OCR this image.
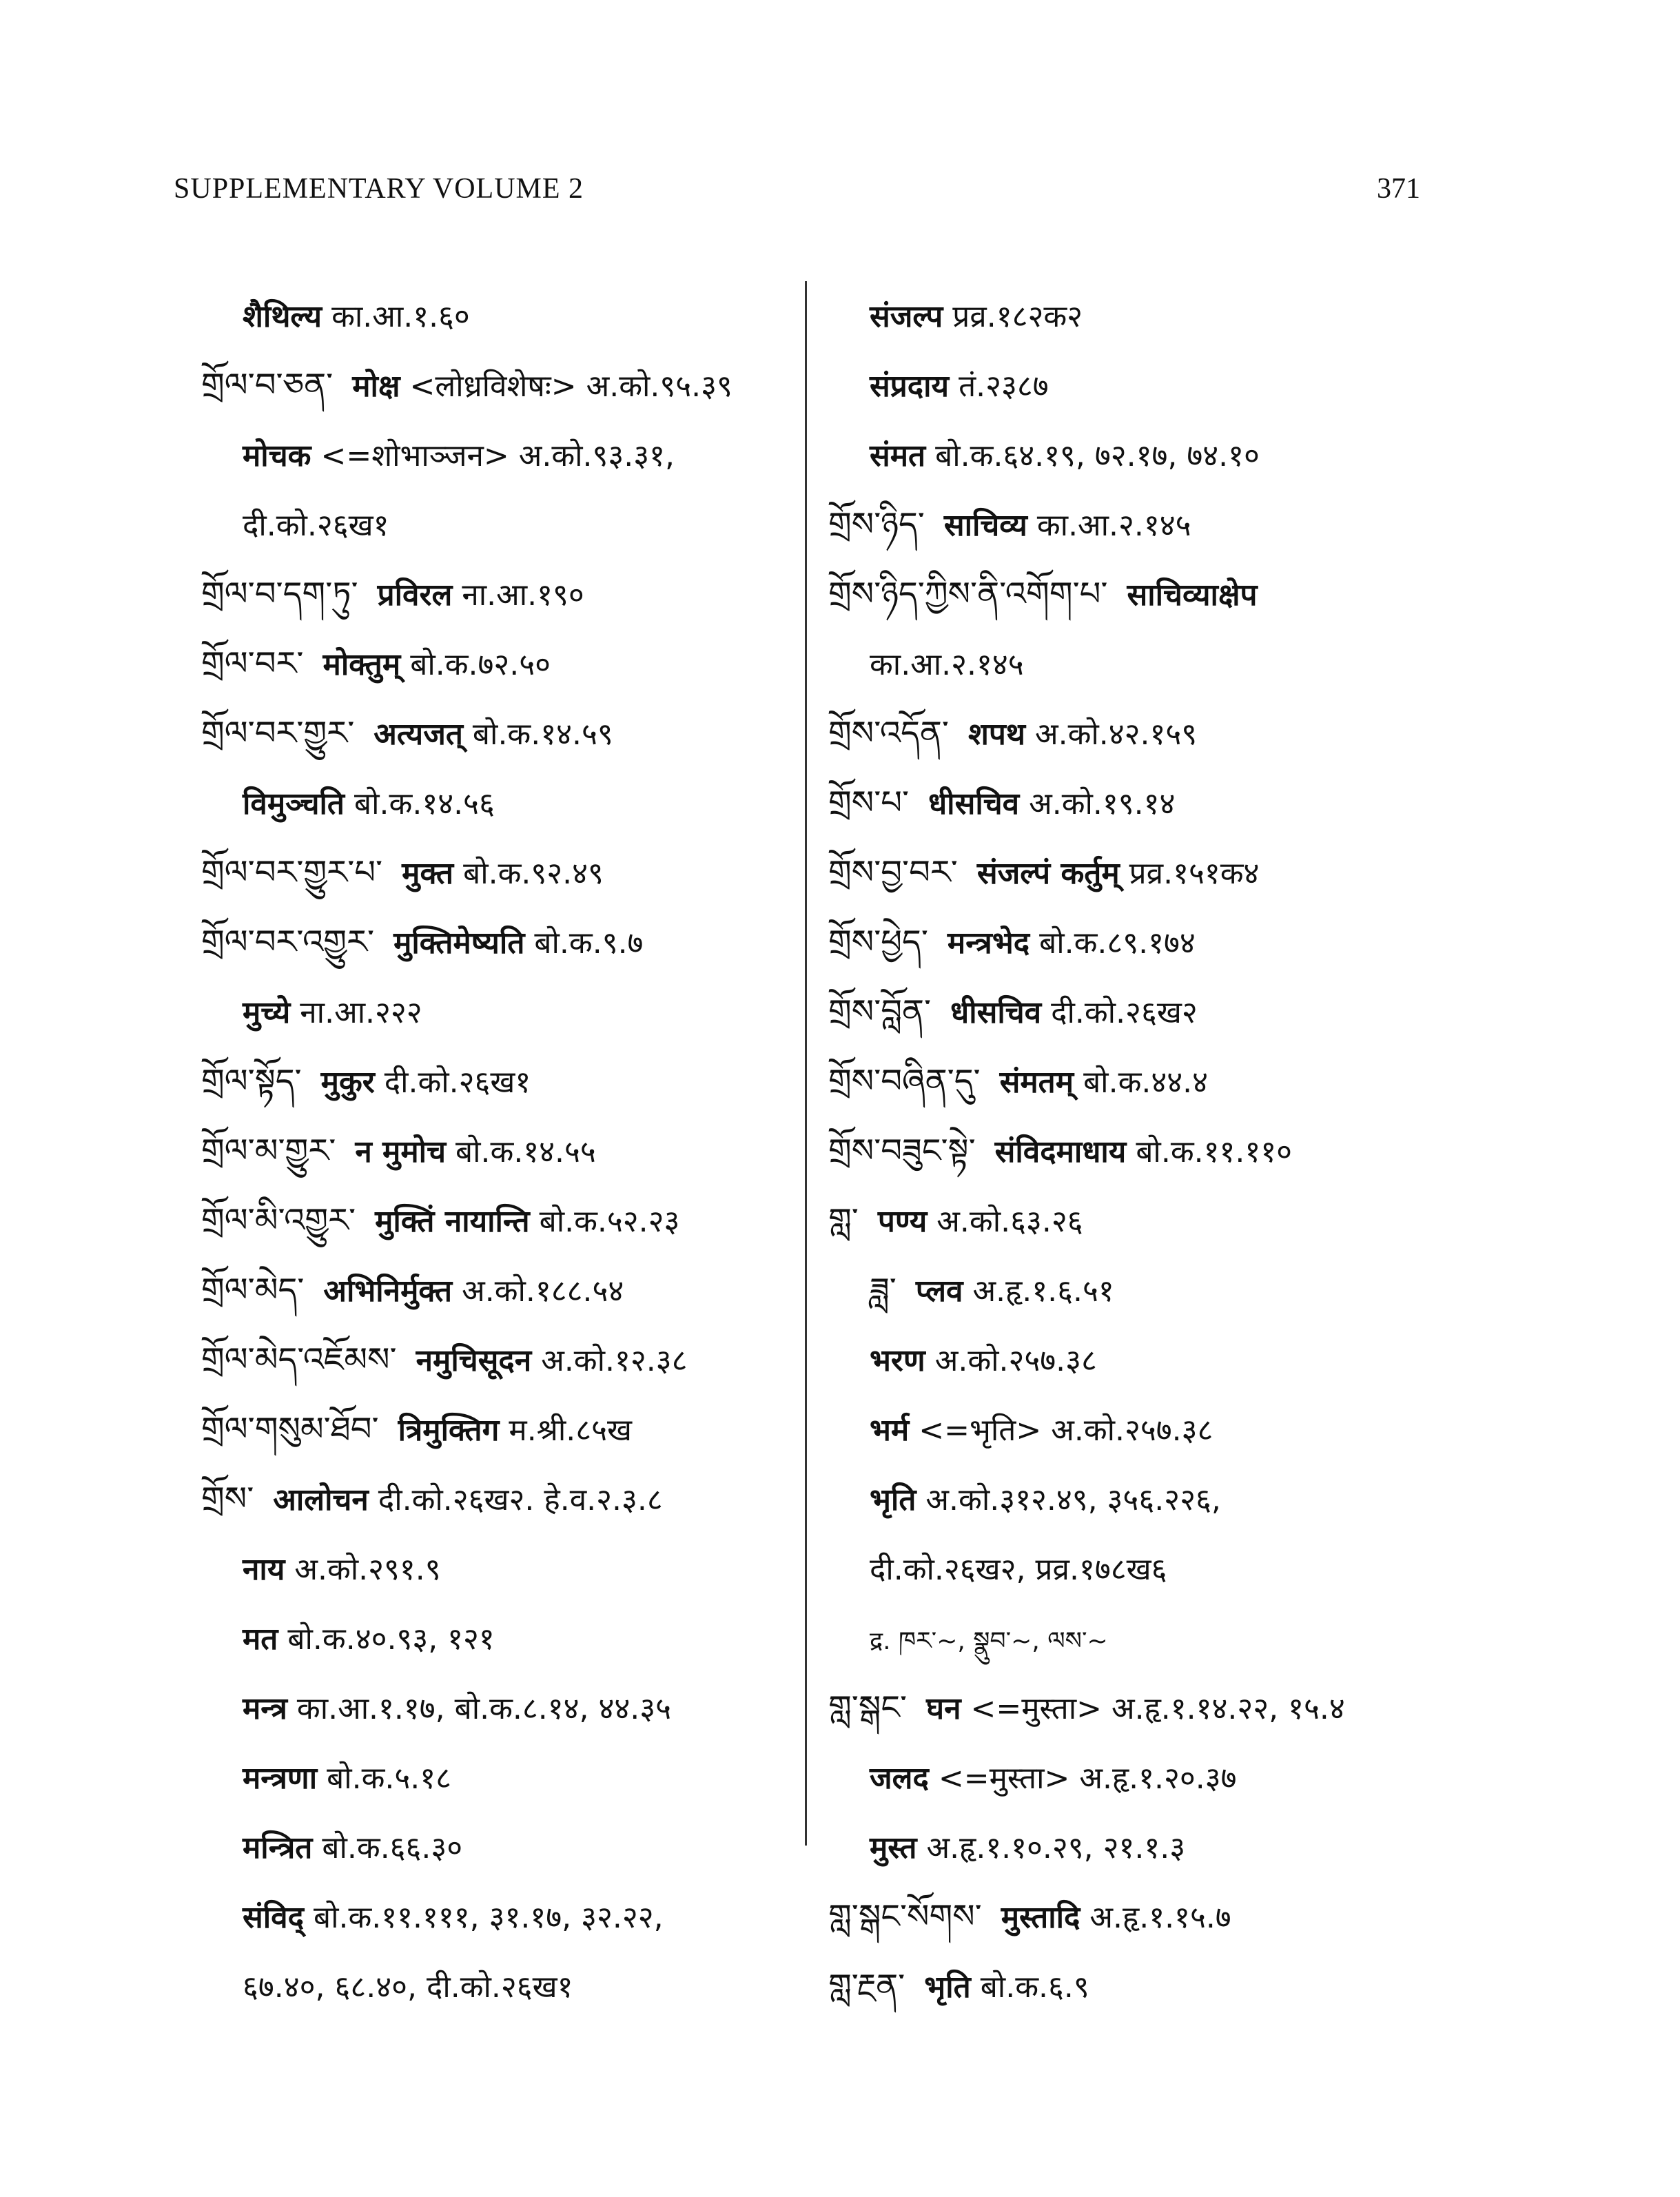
SUPPLEMENTARY VOLUME 2	371
शैथिल्य का.आ.१.६०
གྲོལ་བ་ཅན་ मोक्ष <लोध्रविशेषः> अ.को.९५.३९
मोचक <=शोभाञ्जन> अ.को.९३.३१,
दी.को.२६ख१
གྲོལ་བ་དག་ཏུ་ प्रविरल ना.आ.१९०
གྲོལ་བར་ मोक्तुम् बो.क.७२.५०
གྲོལ་བར་གྱུར་ अत्यजत् बो.क.१४.५९
विमुञ्चति बो.क.१४.५६
གྲོལ་བར་གྱུར་པ་ मुक्त बो.क.९२.४९
གྲོལ་བར་འགྱུར་ मुक्तिमेष्यति बो.क.९.७
मुच्ये ना.आ.२२२
གྲོལ་སྟོད་ मुकुर दी.को.२६ख१
གྲོལ་མ་གྱུར་ न मुमोच बो.क.१४.५५
གྲོལ་མི་འགྱུར་ मुक्तिं नायान्ति बो.क.५२.२३
གྲོལ་མེད་ अभिनिर्मुक्त अ.को.१८८.५४
གྲོལ་མེད་འཇོམས་ नमुचिसूदन अ.को.१२.३८
གྲོལ་གསུམ་ཐོབ་ त्रिमुक्तिग म.श्री.८५ख
གྲོས་ आलोचन दी.को.२६ख२. हे.व.२.३.८
नाय अ.को.२९१.९
मत बो.क.४०.९३, १२१
मन्त्र का.आ.१.१७, बो.क.८.१४, ४४.३५
मन्त्रणा बो.क.५.१८
मन्त्रित बो.क.६६.३०
संविद् बो.क.११.१११, ३१.१७, ३२.२२,
६७.४०, ६८.४०, दी.को.२६ख१
संजल्प प्रव्र.१८२क२
संप्रदाय तं.२३८७
संमत बो.क.६४.१९, ७२.१७, ७४.१०
གྲོས་ཉིད་ साचिव्य का.आ.२.१४५
གྲོས་ཉིད་ཀྱིས་ནི་འགོག་པ་ साचिव्याक्षेप
का.आ.२.१४५
གྲོས་འདོན་ शपथ अ.को.४२.१५९
གྲོས་པ་ धीसचिव अ.को.१९.१४
གྲོས་བྱ་བར་ संजल्पं कर्तुम् प्रव्र.१५१क४
གྲོས་ཕྱེད་ मन्त्रभेद बो.क.८९.१७४
གྲོས་བློན་ धीसचिव दी.को.२६ख२
གྲོས་བཞིན་དུ་ संमतम् बो.क.४४.४
གྲོས་བཟུང་སྟེ་ संविदमाधाय बो.क.११.११०
གླ་ पण्य अ.को.६३.२६
ཟླ་ प्लव अ.हृ.१.६.५१
भरण अ.को.२५७.३८
भर्म <=भृति> अ.को.२५७.३८
भृति अ.को.३१२.४९, ३५६.२२६,
दी.को.२६ख२, प्रव्र.१७८ख६
द्र. ཁར་~, སྣུབ་~, ལས་~
གླ་སྒང་ घन <=मुस्ता> अ.हृ.१.१४.२२, १५.४
जलद <=मुस्ता> अ.हृ.१.२०.३७
मुस्त अ.हृ.१.१०.२९, २१.१.३
གླ་སྒང་སོགས་ मुस्तादि अ.हृ.१.१५.७
གླ་རྔན་ भृति बो.क.६.९
